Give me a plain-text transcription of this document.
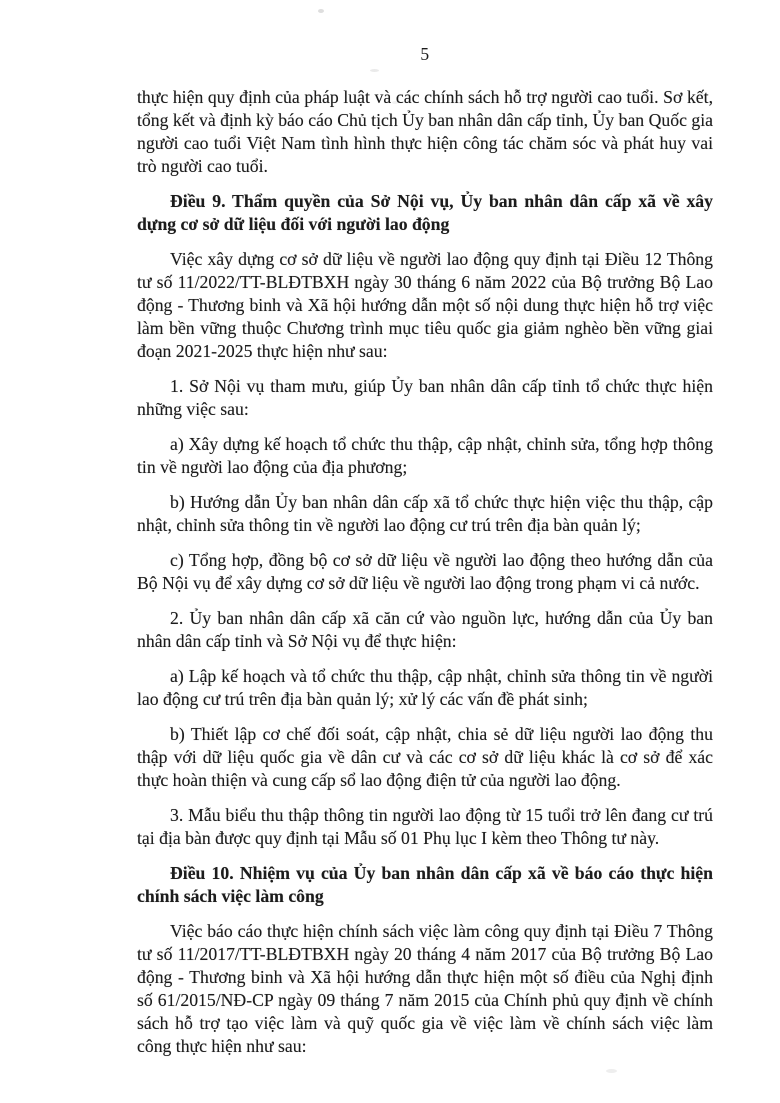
5

thực hiện quy định của pháp luật và các chính sách hỗ trợ người cao tuổi. Sơ kết, tổng kết và định kỳ báo cáo Chủ tịch Ủy ban nhân dân cấp tỉnh, Ủy ban Quốc gia người cao tuổi Việt Nam tình hình thực hiện công tác chăm sóc và phát huy vai trò người cao tuổi.

Điều 9. Thẩm quyền của Sở Nội vụ, Ủy ban nhân dân cấp xã về xây dựng cơ sở dữ liệu đối với người lao động

Việc xây dựng cơ sở dữ liệu về người lao động quy định tại Điều 12 Thông tư số 11/2022/TT-BLĐTBXH ngày 30 tháng 6 năm 2022 của Bộ trưởng Bộ Lao động - Thương binh và Xã hội hướng dẫn một số nội dung thực hiện hỗ trợ việc làm bền vững thuộc Chương trình mục tiêu quốc gia giảm nghèo bền vững giai đoạn 2021-2025 thực hiện như sau:

1. Sở Nội vụ tham mưu, giúp Ủy ban nhân dân cấp tỉnh tổ chức thực hiện những việc sau:

a) Xây dựng kế hoạch tổ chức thu thập, cập nhật, chỉnh sửa, tổng hợp thông tin về người lao động của địa phương;

b) Hướng dẫn Ủy ban nhân dân cấp xã tổ chức thực hiện việc thu thập, cập nhật, chỉnh sửa thông tin về người lao động cư trú trên địa bàn quản lý;

c) Tổng hợp, đồng bộ cơ sở dữ liệu về người lao động theo hướng dẫn của Bộ Nội vụ để xây dựng cơ sở dữ liệu về người lao động trong phạm vi cả nước.

2. Ủy ban nhân dân cấp xã căn cứ vào nguồn lực, hướng dẫn của Ủy ban nhân dân cấp tỉnh và Sở Nội vụ để thực hiện:

a) Lập kế hoạch và tổ chức thu thập, cập nhật, chỉnh sửa thông tin về người lao động cư trú trên địa bàn quản lý; xử lý các vấn đề phát sinh;

b) Thiết lập cơ chế đối soát, cập nhật, chia sẻ dữ liệu người lao động thu thập với dữ liệu quốc gia về dân cư và các cơ sở dữ liệu khác là cơ sở để xác thực hoàn thiện và cung cấp sổ lao động điện tử của người lao động.

3. Mẫu biểu thu thập thông tin người lao động từ 15 tuổi trở lên đang cư trú tại địa bàn được quy định tại Mẫu số 01 Phụ lục I kèm theo Thông tư này.

Điều 10. Nhiệm vụ của Ủy ban nhân dân cấp xã về báo cáo thực hiện chính sách việc làm công

Việc báo cáo thực hiện chính sách việc làm công quy định tại Điều 7 Thông tư số 11/2017/TT-BLĐTBXH ngày 20 tháng 4 năm 2017 của Bộ trưởng Bộ Lao động - Thương binh và Xã hội hướng dẫn thực hiện một số điều của Nghị định số 61/2015/NĐ-CP ngày 09 tháng 7 năm 2015 của Chính phủ quy định về chính sách hỗ trợ tạo việc làm và quỹ quốc gia về việc làm về chính sách việc làm công thực hiện như sau:
